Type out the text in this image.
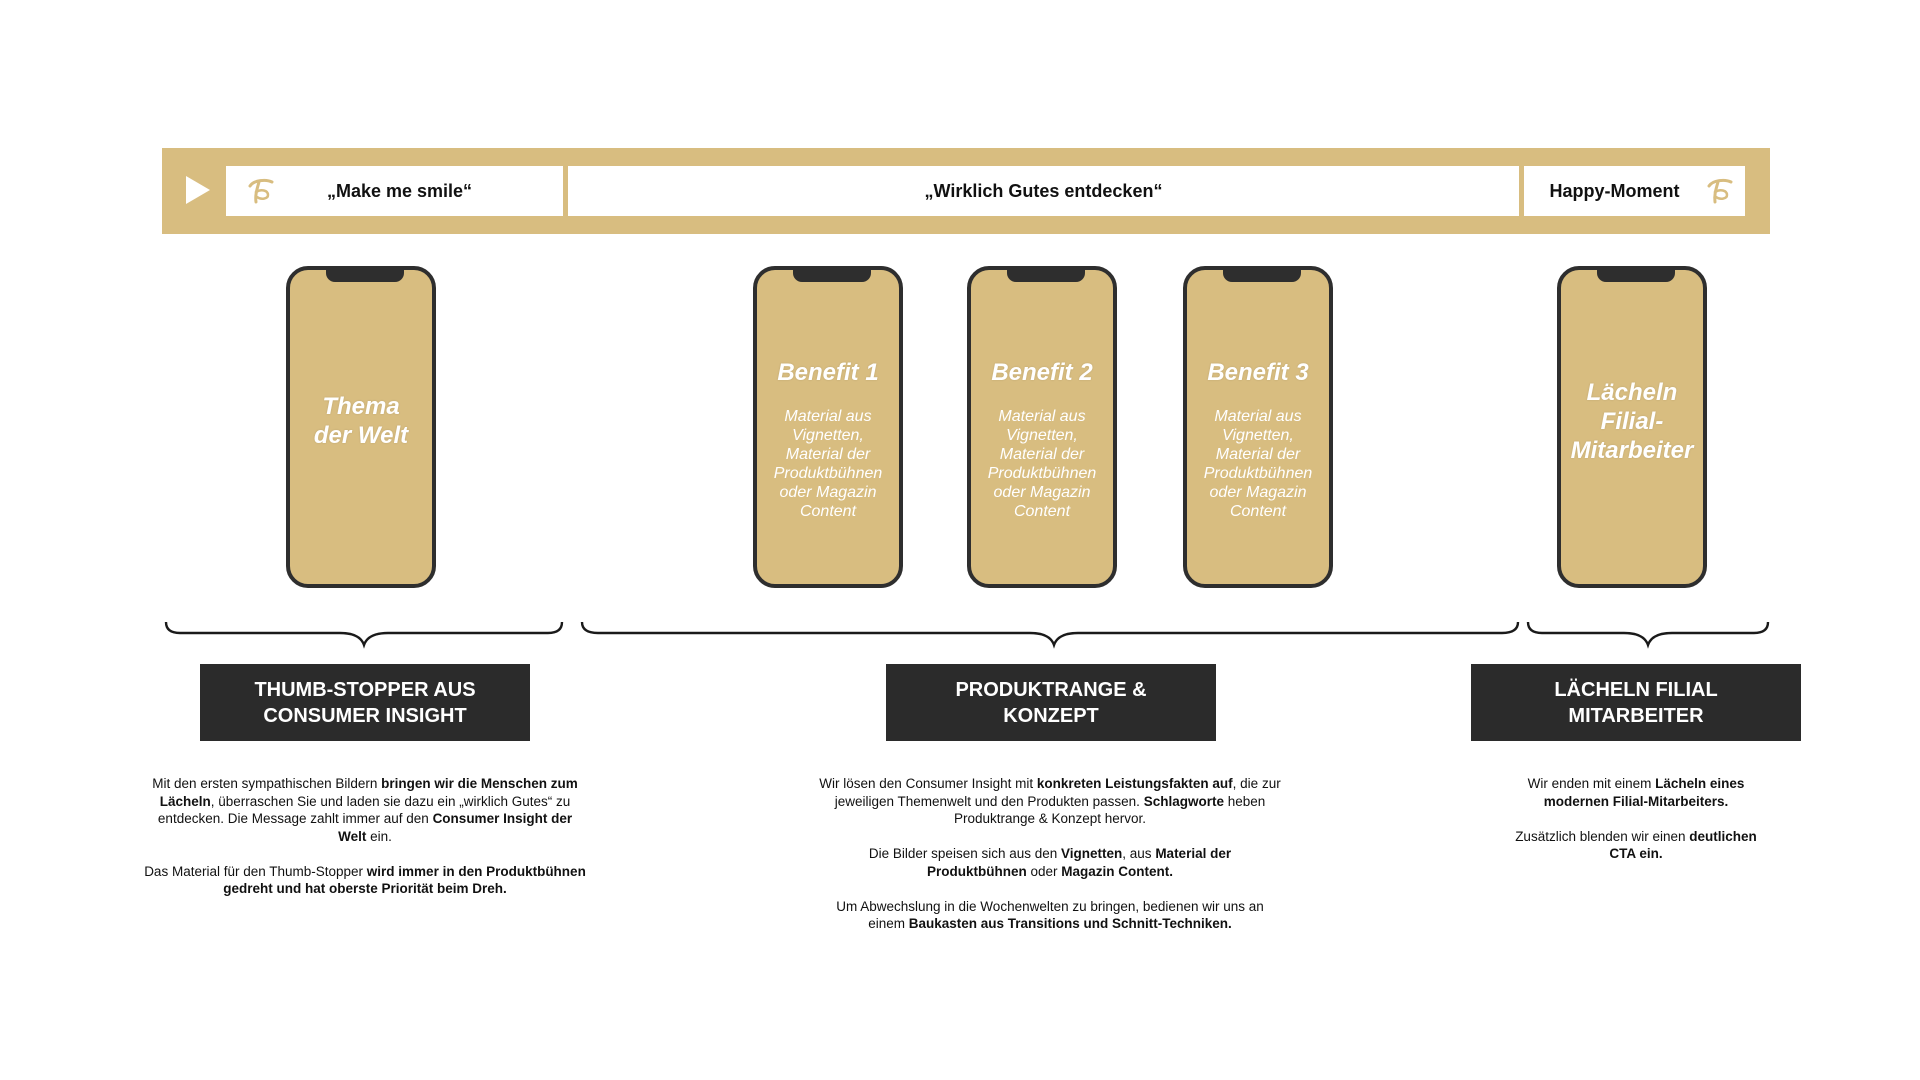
„Make me smile“	„Wirklich Gutes entdecken“	Happy-Moment
Thema
der Welt
Benefit 1
Material aus
Vignetten,
Material der
Produktbühnen
oder Magazin
Content
Benefit 2
Material aus
Vignetten,
Material der
Produktbühnen
oder Magazin
Content
Benefit 3
Material aus
Vignetten,
Material der
Produktbühnen
oder Magazin
Content
Lächeln
Filial-
Mitarbeiter
THUMB-STOPPER AUS
CONSUMER INSIGHT
PRODUKTRANGE &
KONZEPT
LÄCHELN FILIAL
MITARBEITER

Mit den ersten sympathischen Bildern bringen wir die Menschen zum
Lächeln, überraschen Sie und laden sie dazu ein „wirklich Gutes“ zu
entdecken. Die Message zahlt immer auf den Consumer Insight der
Welt ein.

Das Material für den Thumb-Stopper wird immer in den Produktbühnen
gedreht und hat oberste Priorität beim Dreh.

Wir lösen den Consumer Insight mit konkreten Leistungsfakten auf, die zur
jeweiligen Themenwelt und den Produkten passen. Schlagworte heben
Produktrange & Konzept hervor.

Die Bilder speisen sich aus den Vignetten, aus Material der
Produktbühnen oder Magazin Content.

Um Abwechslung in die Wochenwelten zu bringen, bedienen wir uns an
einem Baukasten aus Transitions und Schnitt-Techniken.

Wir enden mit einem Lächeln eines
modernen Filial-Mitarbeiters.

Zusätzlich blenden wir einen deutlichen
CTA ein.
